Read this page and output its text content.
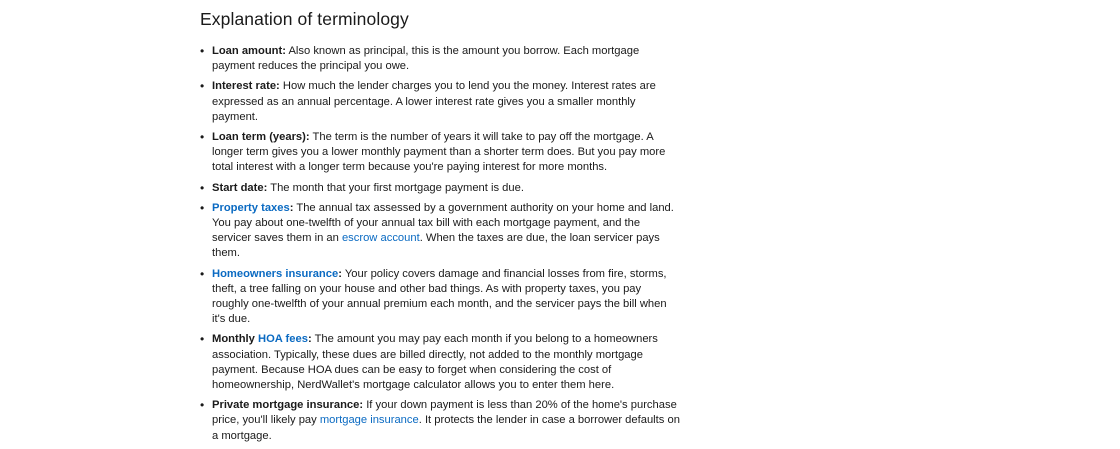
Explanation of terminology
• Loan amount: Also known as principal, this is the amount you borrow. Each mortgage payment reduces the principal you owe.
• Interest rate: How much the lender charges you to lend you the money. Interest rates are expressed as an annual percentage. A lower interest rate gives you a smaller monthly payment.
• Loan term (years): The term is the number of years it will take to pay off the mortgage. A longer term gives you a lower monthly payment than a shorter term does. But you pay more total interest with a longer term because you're paying interest for more months.
• Start date: The month that your first mortgage payment is due.
• Property taxes: The annual tax assessed by a government authority on your home and land. You pay about one-twelfth of your annual tax bill with each mortgage payment, and the servicer saves them in an escrow account. When the taxes are due, the loan servicer pays them.
• Homeowners insurance: Your policy covers damage and financial losses from fire, storms, theft, a tree falling on your house and other bad things. As with property taxes, you pay roughly one-twelfth of your annual premium each month, and the servicer pays the bill when it's due.
• Monthly HOA fees: The amount you may pay each month if you belong to a homeowners association. Typically, these dues are billed directly, not added to the monthly mortgage payment. Because HOA dues can be easy to forget when considering the cost of homeownership, NerdWallet's mortgage calculator allows you to enter them here.
• Private mortgage insurance: If your down payment is less than 20% of the home's purchase price, you'll likely pay mortgage insurance. It protects the lender in case a borrower defaults on a mortgage.
